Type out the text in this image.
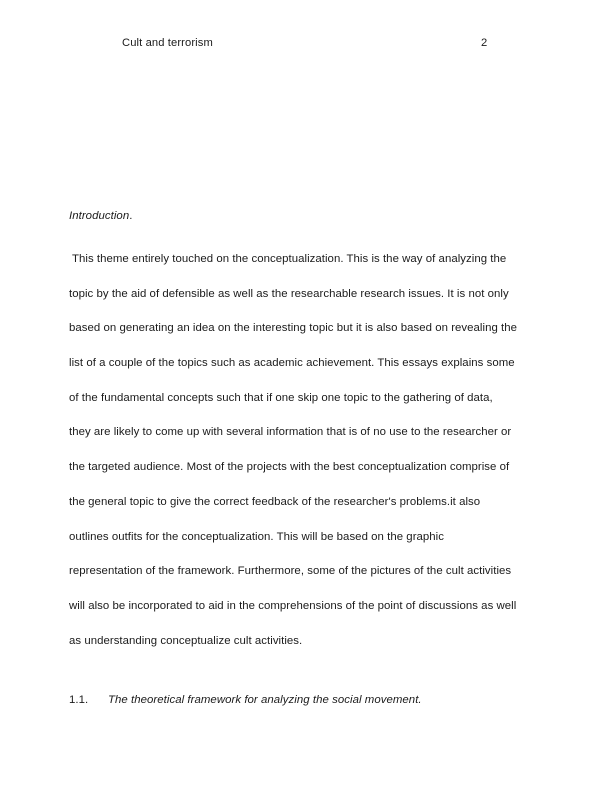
Cult and terrorism	2
Introduction.
This theme entirely touched on the conceptualization. This is the way of analyzing the
topic by the aid of defensible as well as the researchable research issues. It is not only
based on generating an idea on the interesting topic but it is also based on revealing the
list of a couple of the topics such as academic achievement. This essays explains some
of the fundamental concepts such that if one skip one topic to the gathering of data,
they are likely to come up with several information that is of no use to the researcher or
the targeted audience. Most of the projects with the best conceptualization comprise of
the general topic to give the correct feedback of the researcher's problems.it also
outlines outfits for the conceptualization. This will be based on the graphic
representation of the framework. Furthermore, some of the pictures of the cult activities
will also be incorporated to aid in the comprehensions of the point of discussions as well
as understanding conceptualize cult activities.
1.1. The theoretical framework for analyzing the social movement.
